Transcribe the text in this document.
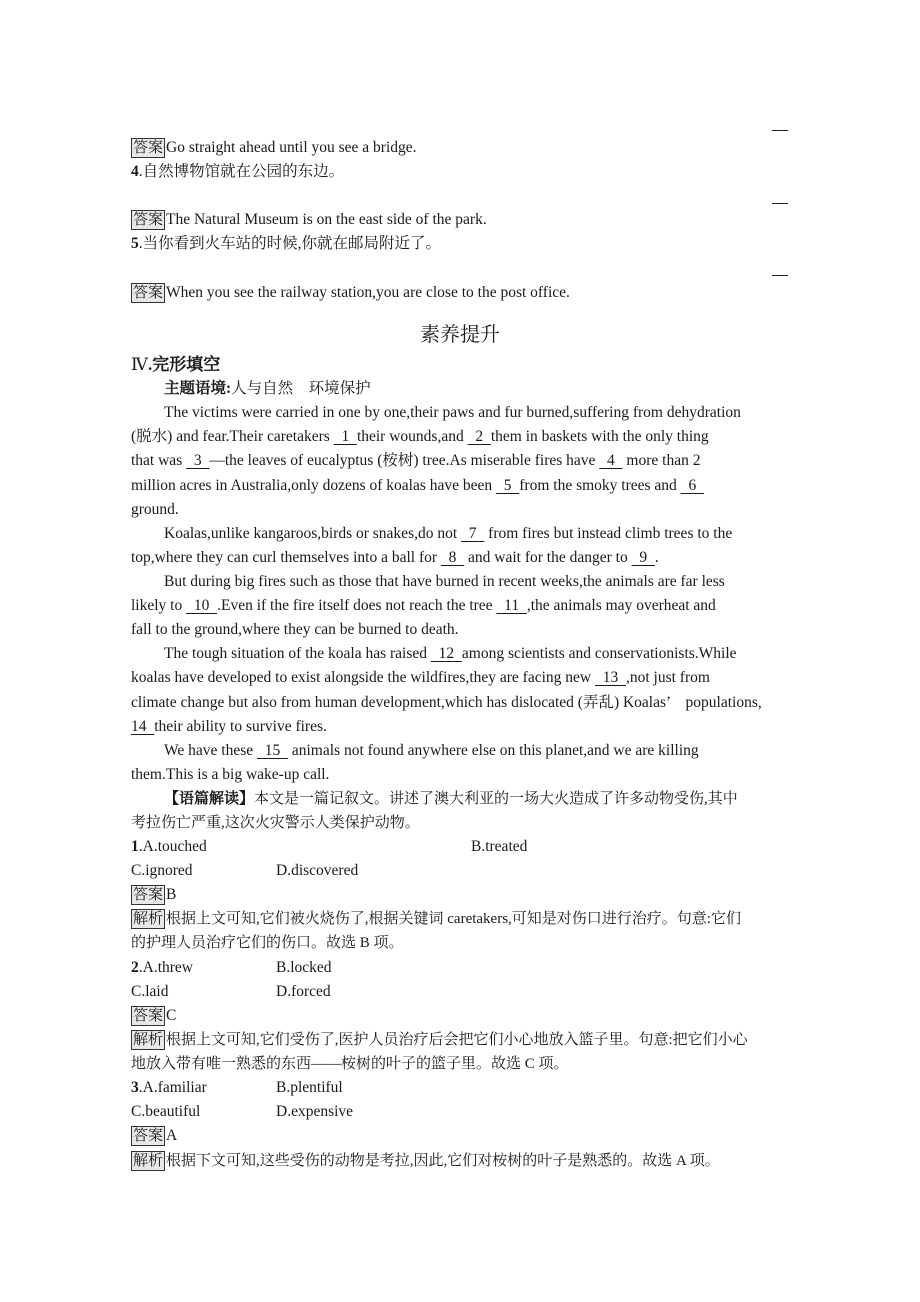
答案 Go straight ahead until you see a bridge.
4.自然博物馆就在公园的东边。
答案 The Natural Museum is on the east side of the park.
5.当你看到火车站的时候,你就在邮局附近了。
答案 When you see the railway station,you are close to the post office.
素养提升
Ⅳ.完形填空
主题语境:人与自然　环境保护
The victims were carried in one by one,their paws and fur burned,suffering from dehydration
(脱水) and fear.Their caretakers   1  their wounds,and   2  them in baskets with the only thing
that was   3  —the leaves of eucalyptus (桉树) tree.As miserable fires have   4   more than 2
million acres in Australia,only dozens of koalas have been   5  from the smoky trees and   6
ground.
Koalas,unlike kangaroos,birds or snakes,do not   7   from fires but instead climb trees to the
top,where they can curl themselves into a ball for   8   and wait for the danger to   9  .
But during big fires such as those that have burned in recent weeks,the animals are far less
likely to   10  .Even if the fire itself does not reach the tree   11  ,the animals may overheat and
fall to the ground,where they can be burned to death.
The tough situation of the koala has raised   12  among scientists and conservationists.While
koalas have developed to exist alongside the wildfires,they are facing new   13  ,not just from
climate change but also from human development,which has dislocated (弄乱) Koalas’　populations,
14  their ability to survive fires.
We have these   15   animals not found anywhere else on this planet,and we are killing
them.This is a big wake-up call.
【语篇解读】本文是一篇记叙文。讲述了澳大利亚的一场大火造成了许多动物受伤,其中
考拉伤亡严重,这次火灾警示人类保护动物。
1.A.touched	B.treated
C.ignored	D.discovered
答案 B
解析 根据上文可知,它们被火烧伤了,根据关键词 caretakers,可知是对伤口进行治疗。句意:它们
的护理人员治疗它们的伤口。故选 B 项。
2.A.threw	B.locked
C.laid	D.forced
答案 C
解析 根据上文可知,它们受伤了,医护人员治疗后会把它们小心地放入篮子里。句意:把它们小心
地放入带有唯一熟悉的东西——桉树的叶子的篮子里。故选 C 项。
3.A.familiar	B.plentiful
C.beautiful	D.expensive
答案 A
解析 根据下文可知,这些受伤的动物是考拉,因此,它们对桉树的叶子是熟悉的。故选 A 项。
